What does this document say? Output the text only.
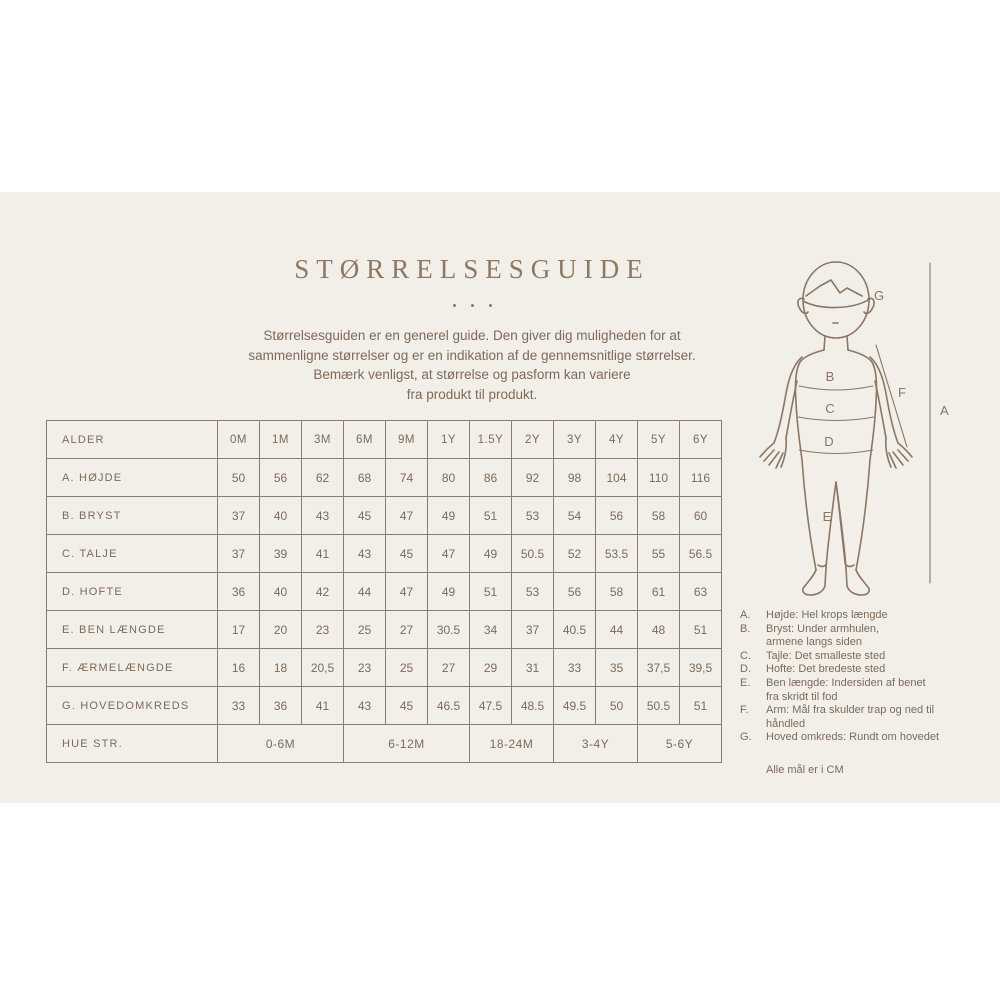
STØRRELSESGUIDE
Størrelsesguiden er en generel guide. Den giver dig muligheden for at
sammenligne størrelser og er en indikation af de gennemsnitlige størrelser.
Bemærk venligst, at størrelse og pasform kan variere
fra produkt til produkt.
ALDER	0M	1M	3M	6M	9M	1Y	1.5Y	2Y	3Y	4Y	5Y	6Y
A. HØJDE	50	56	62	68	74	80	86	92	98	104	110	116
B. BRYST	37	40	43	45	47	49	51	53	54	56	58	60
C. TALJE	37	39	41	43	45	47	49	50.5	52	53.5	55	56.5
D. HOFTE	36	40	42	44	47	49	51	53	56	58	61	63
E. BEN LÆNGDE	17	20	23	25	27	30.5	34	37	40.5	44	48	51
F. ÆRMELÆNGDE	16	18	20,5	23	25	27	29	31	33	35	37,5	39,5
G. HOVEDOMKREDS	33	36	41	43	45	46.5	47.5	48.5	49.5	50	50.5	51
HUE STR.	0-6M			6-12M			18-24M		3-4Y		5-6Y	
G
B
C
D
E
F
A
A.	Højde: Hel krops længde
B.	Bryst: Under armhulen,
armene langs siden
C.	Tajle: Det smalleste sted
D.	Hofte: Det bredeste sted
E.	Ben længde: Indersiden af benet
fra skridt til fod
F.	Arm: Mål fra skulder trap og ned til
håndled
G.	Hoved omkreds: Rundt om hovedet
Alle mål er i CM
